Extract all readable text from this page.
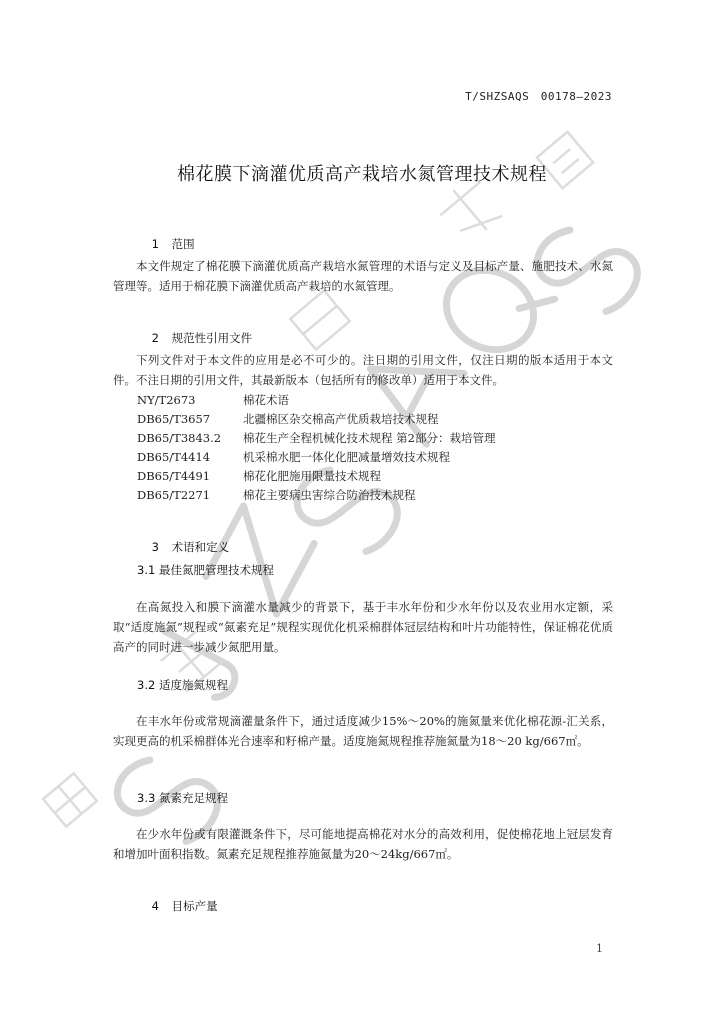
T/SHZSAQS　00178—2023
棉花膜下滴灌优质高产栽培水氮管理技术规程

1 范围

本文件规定了棉花膜下滴灌优质高产栽培水氮管理的术语与定义及目标产量、施肥技术、水氮管理等。适用于棉花膜下滴灌优质高产栽培的水氮管理。

2 规范性引用文件

下列文件对于本文件的应用是必不可少的。注日期的引用文件，仅注日期的版本适用于本文件。不注日期的引用文件，其最新版本（包括所有的修改单）适用于本文件。
NY/T2673	棉花术语
DB65/T3657	北疆棉区杂交棉高产优质栽培技术规程
DB65/T3843.2 棉花生产全程机械化技术规程 第2部分：栽培管理
DB65/T4414	机采棉水肥一体化化肥减量增效技术规程
DB65/T4491	棉花化肥施用限量技术规程
DB65/T2271	棉花主要病虫害综合防治技术规程

3 术语和定义

3.1 最佳氮肥管理技术规程
在高氮投入和膜下滴灌水量减少的背景下，基于丰水年份和少水年份以及农业用水定额，采取“适度施氮”规程或“氮素充足”规程实现优化机采棉群体冠层结构和叶片功能特性，保证棉花优质高产的同时进一步减少氮肥用量。
3.2 适度施氮规程
在丰水年份或常规滴灌量条件下，通过适度减少15%～20%的施氮量来优化棉花源-汇关系，实现更高的机采棉群体光合速率和籽棉产量。适度施氮规程推荐施氮量为18～20 kg/667㎡。
3.3 氮素充足规程
在少水年份或有限灌溉条件下，尽可能地提高棉花对水分的高效利用，促使棉花地上冠层发育和增加叶面积指数。氮素充足规程推荐施氮量为20～24kg/667㎡。

4 目标产量

1
